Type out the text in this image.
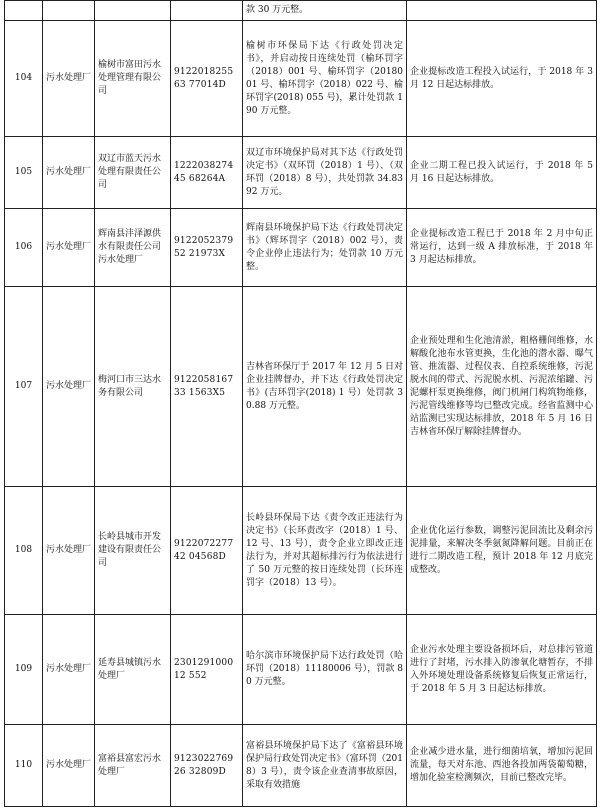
				款 30 万元整。	

104	污水处理厂	榆树市富田污水处理管理有限公司	912201825563 77014D	榆树市环保局下达《行政处罚决定书》，并启动按日连续处罚（榆环罚字（2018）001 号、榆环罚字（2018001 号、榆环罚字（2018）022 号、榆环罚字(2018) 055 号)，累计处罚款 190 万元整。	企业提标改造工程投入试运行，于 2018 年 3 月 12 日起达标排放。

105	污水处理厂	双辽市蓝天污水处理有限责任公司	122203827445 68264A	双辽市环境保护局对其下达《行政处罚决定书》（双环罚（2018）1 号）、（双环罚（2018）8 号），共处罚款 34.8392 万元。	企业二期工程已投入试运行，于 2018 年 5 月 16 日起达标排放。

106	污水处理厂	辉南县沣泽源供水有限责任公司污水处理厂	912205237952 21973X	辉南县环境保护局下达《行政处罚决定书》（辉环罚字（2018）002 号），责令企业停止违法行为；处罚款 10 万元整。	企业提标改造工程已于 2018 年 2 月中旬正常运行，达到一级 A 排放标准，于 2018 年 3 月起达标排放。

107	污水处理厂	梅河口市三达水务有限公司	912205816733 1563X5	吉林省环保厅于 2017 年 12 月 5 日对企业挂牌督办，并下达《行政处罚决定书》(吉环罚字(2018) 1 号）处罚款 30.88 万元整。	企业预处理和生化池清淤，粗格栅间维修，水解酸化池布水管更换，生化池的潜水器、曝气管、推流器、过程仪表、自控系统维修，污泥脱水间的带式、污泥脱水机、污泥浓缩罐、污泥螺杆泵更换维修，阀门机闸门构筑物维修，污泥管线维修等均已整改完成。经省监测中心站监测已实现达标排放，2018 年 5 月 16 日吉林省环保厅解除挂牌督办。

108	污水处理厂	长岭县城市开发建设有限责任公司	912207227742 04568D	长岭县环保局下达《责令改正违法行为决定书》（长环责改字（2018）1 号、12 号、13 号），责令企业立即改正违法行为，并对其超标排污行为依法进行了 50 万元整的按日连续处罚（长环连罚字（2018）13 号）。	企业优化运行参数，调整污泥回流比及剩余污泥排量，来解决冬季氨氮降解问题。目前正在进行二期改造工程，预计 2018 年 12 月底完成整改。

109	污水处理厂	延寿县城镇污水处理厂	230129100012 552	哈尔滨市环境保护局下达行政处罚（哈环罚（2018）11180006 号），罚款 80 万元整。	企业污水处理主要设备损坏后，对总排污管道进行了封堵，污水排入防渗氧化塘暂存，不排入外环境处理设备系统修复后恢复正常运行，于 2018 年 5 月 3 日起达标排放。

110	污水处理厂	富裕县富宏污水处理厂	912302276926 32809D	富裕县环境保护局下达了《富裕县环境保护局行政处罚决定书》（富环罚（2018）3 号），责令该企业查清事故原因，采取有效措施	企业减少进水量，进行细菌培氧，增加污泥回流量，每天对东池、西池各投加两袋葡萄糖，增加化验室检测频次，目前已整改完毕。
